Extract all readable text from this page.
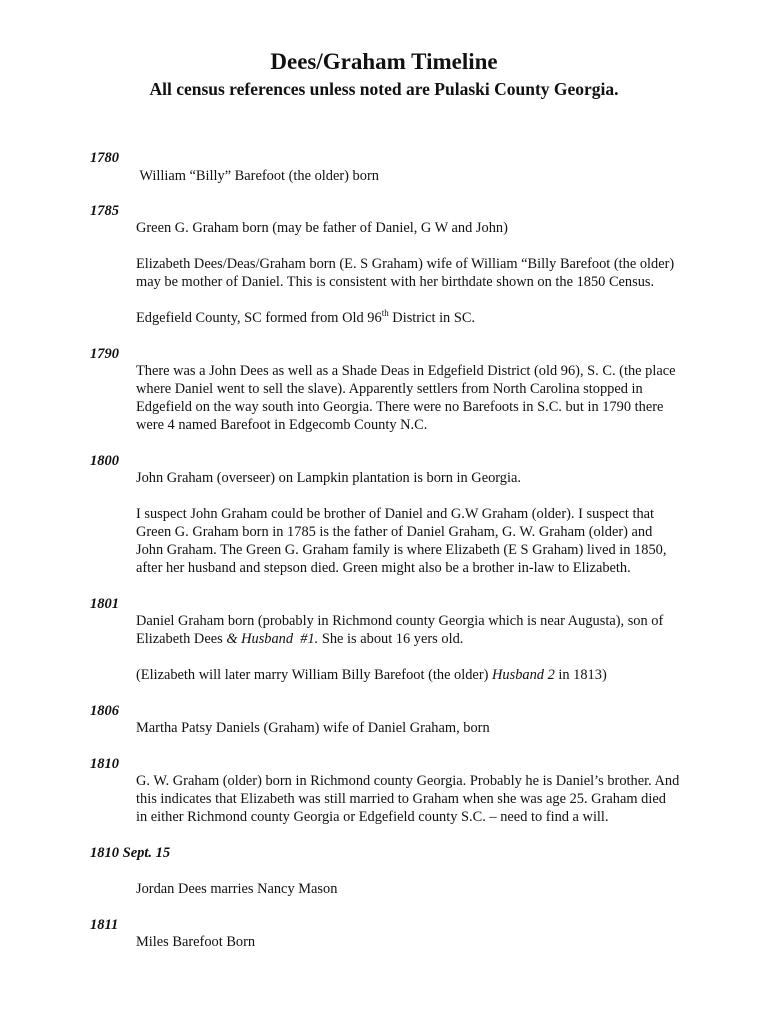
Dees/Graham Timeline
All census references unless noted are Pulaski County Georgia.
1780
William “Billy” Barefoot (the older) born
1785
Green G. Graham born (may be father of Daniel, G W and John)
Elizabeth Dees/Deas/Graham born (E. S Graham) wife of William “Billy Barefoot (the older)
may be mother of Daniel. This is consistent with her birthdate shown on the 1850 Census.
Edgefield County, SC formed from Old 96th District in SC.
1790
There was a John Dees as well as a Shade Deas in Edgefield District (old 96), S. C. (the place
where Daniel went to sell the slave). Apparently settlers from North Carolina stopped in
Edgefield on the way south into Georgia. There were no Barefoots in S.C. but in 1790 there
were 4 named Barefoot in Edgecomb County N.C.
1800
John Graham (overseer) on Lampkin plantation is born in Georgia.
I suspect John Graham could be brother of Daniel and G.W Graham (older). I suspect that
Green G. Graham born in 1785 is the father of Daniel Graham, G. W. Graham (older) and
John Graham. The Green G. Graham family is where Elizabeth (E S Graham) lived in 1850,
after her husband and stepson died. Green might also be a brother in-law to Elizabeth.
1801
Daniel Graham born (probably in Richmond county Georgia which is near Augusta), son of
Elizabeth Dees & Husband  #1. She is about 16 yers old.
(Elizabeth will later marry William Billy Barefoot (the older) Husband 2 in 1813)
1806
Martha Patsy Daniels (Graham) wife of Daniel Graham, born
1810
G. W. Graham (older) born in Richmond county Georgia. Probably he is Daniel’s brother. And
this indicates that Elizabeth was still married to Graham when she was age 25. Graham died
in either Richmond county Georgia or Edgefield county S.C. – need to find a will.
1810 Sept. 15
Jordan Dees marries Nancy Mason
1811
Miles Barefoot Born
